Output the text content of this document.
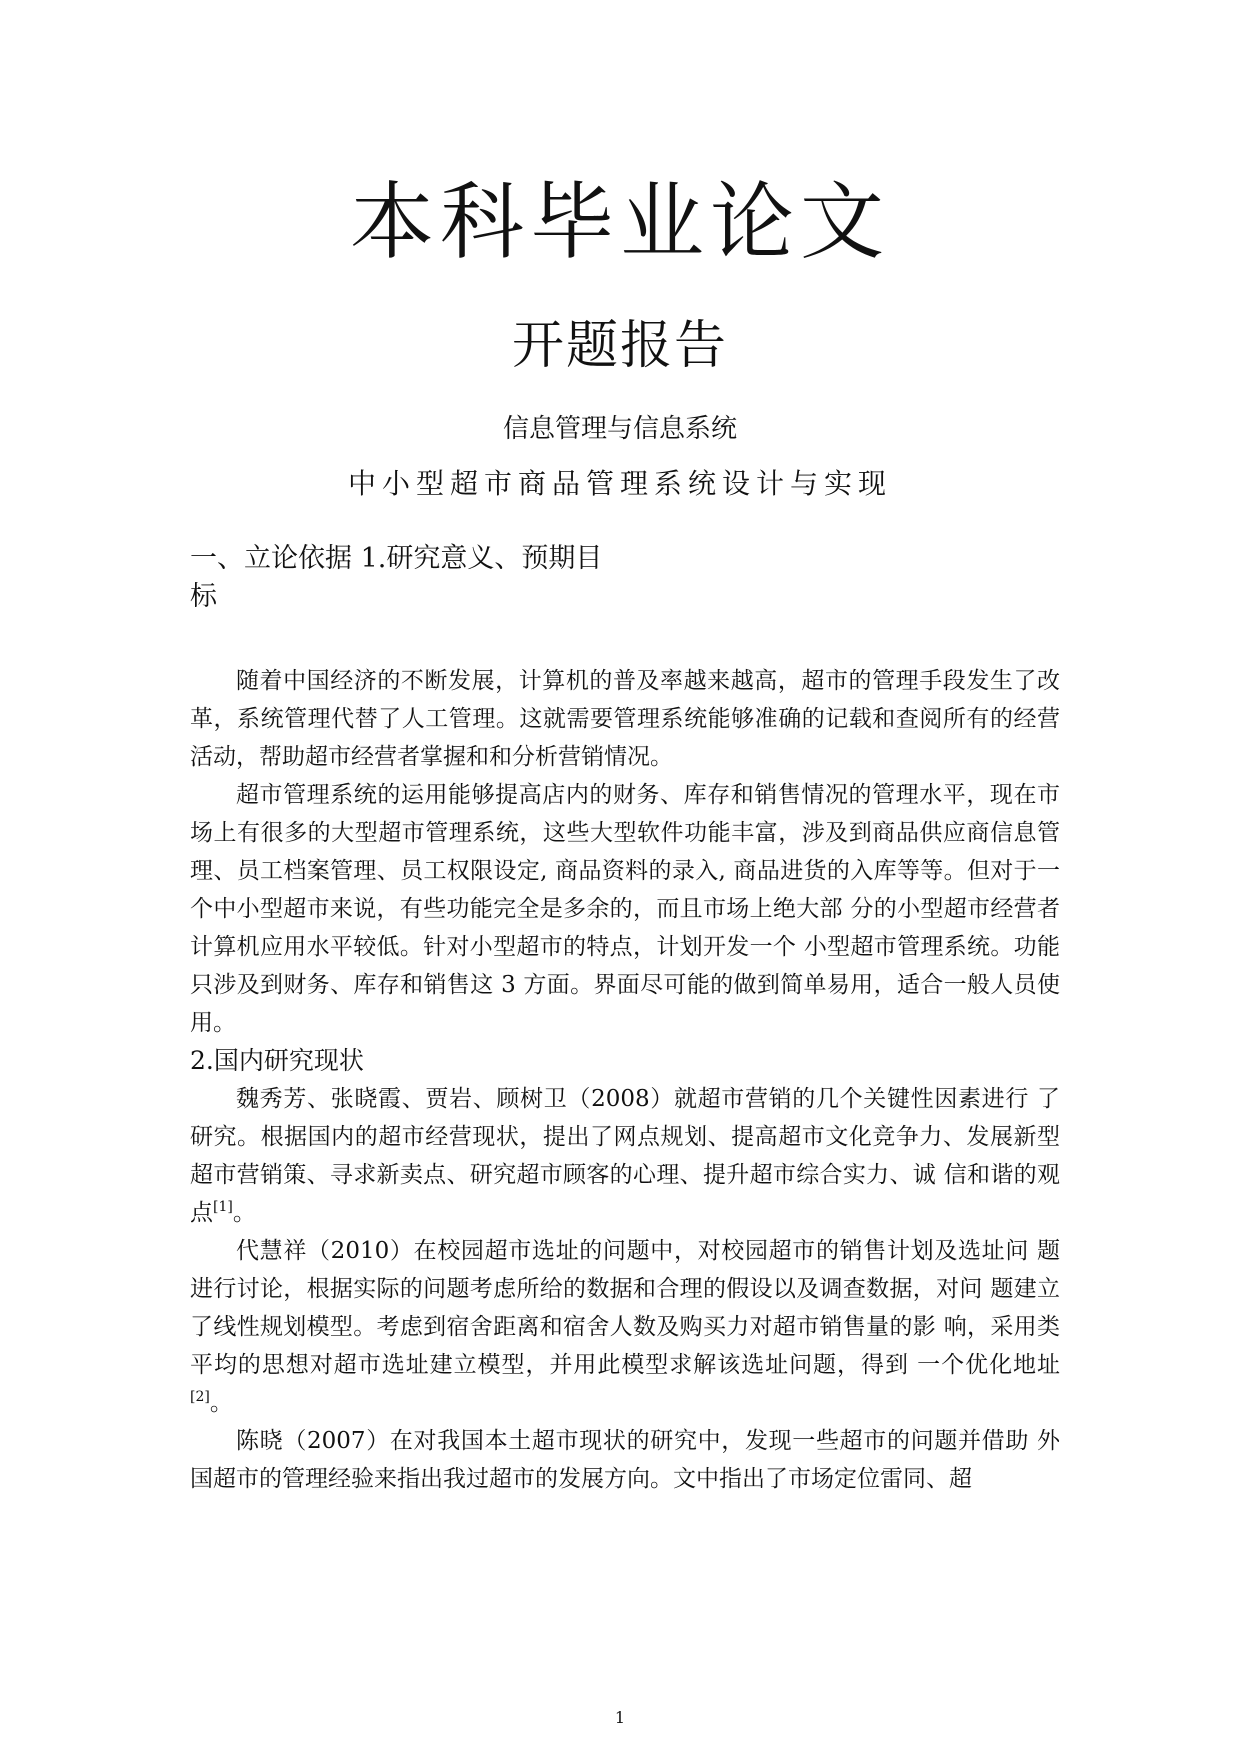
本科毕业论文
开题报告
信息管理与信息系统
中小型超市商品管理系统设计与实现
一、立论依据 1.研究意义、预期目标

随着中国经济的不断发展，计算机的普及率越来越高，超市的管理手段发生了改革，系统管理代替了人工管理。这就需要管理系统能够准确的记载和查阅所有的经营活动，帮助超市经营者掌握和和分析营销情况。

超市管理系统的运用能够提高店内的财务、库存和销售情况的管理水平，现在市场上有很多的大型超市管理系统，这些大型软件功能丰富，涉及到商品供应商信息管理、员工档案管理、员工权限设定, 商品资料的录入, 商品进货的入库等等。但对于一个中小型超市来说，有些功能完全是多余的，而且市场上绝大部 分的小型超市经营者计算机应用水平较低。针对小型超市的特点，计划开发一个 小型超市管理系统。功能只涉及到财务、库存和销售这 3 方面。界面尽可能的做到简单易用，适合一般人员使用。

2.国内研究现状

魏秀芳、张晓霞、贾岩、顾树卫（2008）就超市营销的几个关键性因素进行 了研究。根据国内的超市经营现状，提出了网点规划、提高超市文化竞争力、发展新型超市营销策、寻求新卖点、研究超市顾客的心理、提升超市综合实力、诚 信和谐的观点[1]。

代慧祥（2010）在校园超市选址的问题中，对校园超市的销售计划及选址问 题进行讨论，根据实际的问题考虑所给的数据和合理的假设以及调查数据，对问 题建立了线性规划模型。考虑到宿舍距离和宿舍人数及购买力对超市销售量的影 响，采用类平均的思想对超市选址建立模型，并用此模型求解该选址问题，得到 一个优化地址[2]。

陈晓（2007）在对我国本土超市现状的研究中，发现一些超市的问题并借助 外国超市的管理经验来指出我过超市的发展方向。文中指出了市场定位雷同、超

1
